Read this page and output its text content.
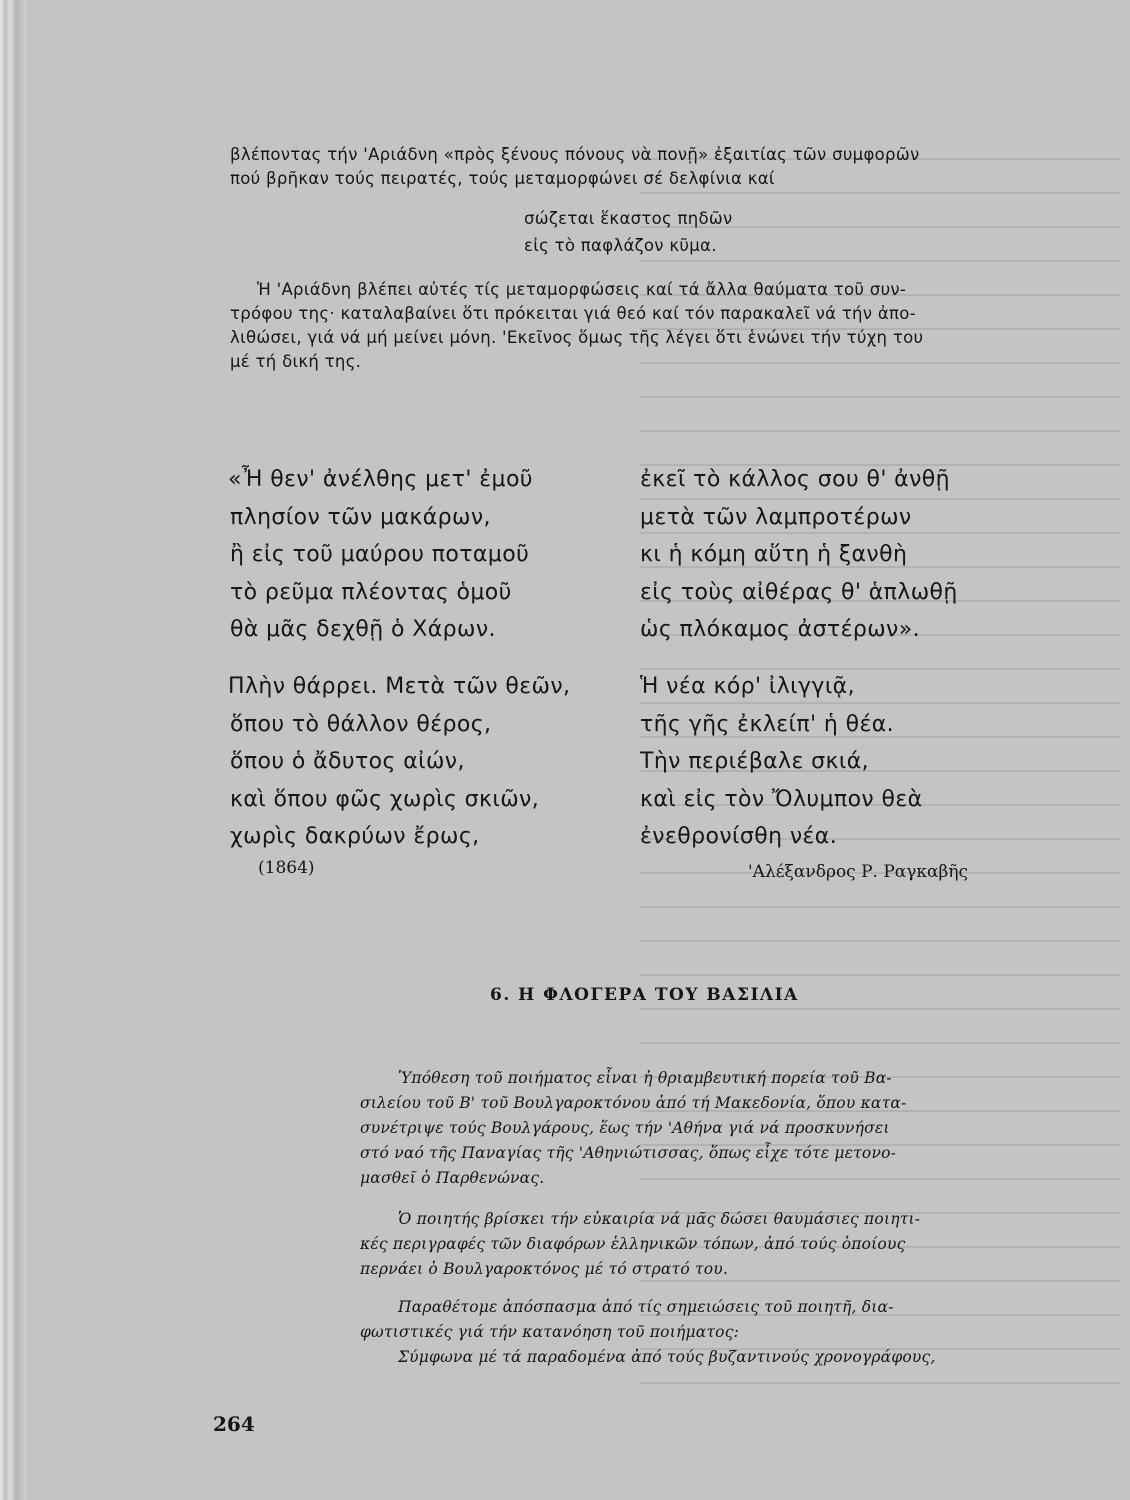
βλέποντας τήν 'Αριάδνη «πρὸς ξένους πόνους νὰ πονῇ» ἐξαιτίας τῶν συμφορῶν
πού βρῆκαν τούς πειρατές, τούς μεταμορφώνει σέ δελφίνια καί
σώζεται ἕκαστος πηδῶν
εἰς τὸ παφλάζον κῦμα.
Ἡ 'Αριάδνη βλέπει αὐτές τίς μεταμορφώσεις καί τά ἄλλα θαύματα τοῦ συν-
τρόφου της· καταλαβαίνει ὅτι πρόκειται γιά θεό καί τόν παρακαλεῖ νά τήν ἀπο-
λιθώσει, γιά νά μή μείνει μόνη. 'Εκεῖνος ὅμως τῆς λέγει ὅτι ἑνώνει τήν τύχη του
μέ τή δική της.
«Ἦ θεν' ἀνέλθης μετ' ἐμοῦ
πλησίον τῶν μακάρων,
ἢ εἰς τοῦ μαύρου ποταμοῦ
τὸ ρεῦμα πλέοντας ὁμοῦ
θὰ μᾶς δεχθῇ ὁ Χάρων.
ἐκεῖ τὸ κάλλος σου θ' ἀνθῇ
μετὰ τῶν λαμπροτέρων
κι ἡ κόμη αὕτη ἡ ξανθὴ
εἰς τοὺς αἰθέρας θ' ἁπλωθῇ
ὡς πλόκαμος ἀστέρων».
Πλὴν θάρρει. Μετὰ τῶν θεῶν,
ὅπου τὸ θάλλον θέρος,
ὅπου ὁ ἄδυτος αἰών,
καὶ ὅπου φῶς χωρὶς σκιῶν,
χωρὶς δακρύων ἔρως,
Ἡ νέα κόρ' ἰλιγγιᾷ,
τῆς γῆς ἐκλείπ' ἡ θέα.
Τὴν περιέβαλε σκιά,
καὶ εἰς τὸν Ὄλυμπον θεὰ
ἐνεθρονίσθη νέα.
(1864)	'Αλέξανδρος Ρ. Ραγκαβῆς
6. Η ΦΛΟΓΕΡΑ ΤΟΥ ΒΑΣΙΛΙΑ
Ὑπόθεση τοῦ ποιήματος εἶναι ἡ θριαμβευτική πορεία τοῦ Βα-
σιλείου τοῦ Β' τοῦ Βουλγαροκτόνου ἀπό τή Μακεδονία, ὅπου κατα-
συνέτριψε τούς Βουλγάρους, ἕως τήν 'Αθήνα γιά νά προσκυνήσει
στό ναό τῆς Παναγίας τῆς 'Αθηνιώτισσας, ὅπως εἶχε τότε μετονο-
μασθεῖ ὁ Παρθενώνας.
Ὁ ποιητής βρίσκει τήν εὐκαιρία νά μᾶς δώσει θαυμάσιες ποιητι-
κές περιγραφές τῶν διαφόρων ἑλληνικῶν τόπων, ἀπό τούς ὁποίους
περνάει ὁ Βουλγαροκτόνος μέ τό στρατό του.
Παραθέτομε ἀπόσπασμα ἀπό τίς σημειώσεις τοῦ ποιητῆ, δια-
φωτιστικές γιά τήν κατανόηση τοῦ ποιήματος:
Σύμφωνα μέ τά παραδομένα ἀπό τούς βυζαντινούς χρονογράφους,
264
